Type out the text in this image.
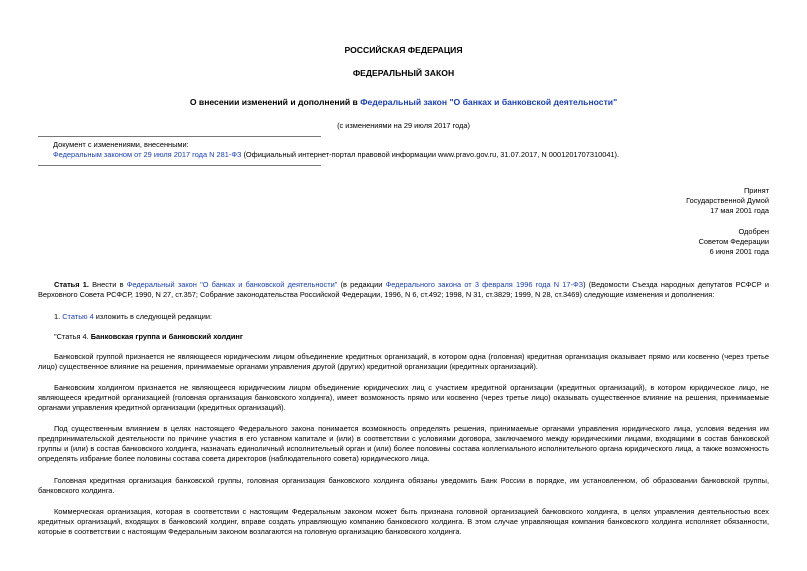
РОССИЙСКАЯ ФЕДЕРАЦИЯ
ФЕДЕРАЛЬНЫЙ ЗАКОН
О внесении изменений и дополнений в Федеральный закон "О банках и банковской деятельности"
(с изменениями на 29 июля 2017 года)
Документ с изменениями, внесенными:
Федеральным законом от 29 июля 2017 года N 281-ФЗ (Официальный интернет-портал правовой информации www.pravo.gov.ru, 31.07.2017, N 0001201707310041).
Принят
Государственной Думой
17 мая 2001 года
Одобрен
Советом Федерации
6 июня 2001 года
Статья 1. Внести в Федеральный закон "О банках и банковской деятельности" (в редакции Федерального закона от 3 февраля 1996 года N 17-ФЗ) (Ведомости Съезда народных депутатов РСФСР и Верховного Совета РСФСР, 1990, N 27, ст.357; Собрание законодательства Российской Федерации, 1996, N 6, ст.492; 1998, N 31, ст.3829; 1999, N 28, ст.3469) следующие изменения и дополнения:
1. Статью 4 изложить в следующей редакции:
"Статья 4. Банковская группа и банковский холдинг
Банковской группой признается не являющееся юридическим лицом объединение кредитных организаций, в котором одна (головная) кредитная организация оказывает прямо или косвенно (через третье лицо) существенное влияние на решения, принимаемые органами управления другой (других) кредитной организации (кредитных организаций).
Банковским холдингом признается не являющееся юридическим лицом объединение юридических лиц с участием кредитной организации (кредитных организаций), в котором юридическое лицо, не являющееся кредитной организацией (головная организация банковского холдинга), имеет возможность прямо или косвенно (через третье лицо) оказывать существенное влияние на решения, принимаемые органами управления кредитной организации (кредитных организаций).
Под существенным влиянием в целях настоящего Федерального закона понимается возможность определять решения, принимаемые органами управления юридического лица, условия ведения им предпринимательской деятельности по причине участия в его уставном капитале и (или) в соответствии с условиями договора, заключаемого между юридическими лицами, входящими в состав банковской группы и (или) в состав банковского холдинга, назначать единоличный исполнительный орган и (или) более половины состава коллегиального исполнительного органа юридического лица, а также возможность определять избрание более половины состава совета директоров (наблюдательного совета) юридического лица.
Головная кредитная организация банковской группы, головная организация банковского холдинга обязаны уведомить Банк России в порядке, им установленном, об образовании банковской группы, банковского холдинга.
Коммерческая организация, которая в соответствии с настоящим Федеральным законом может быть признана головной организацией банковского холдинга, в целях управления деятельностью всех кредитных организаций, входящих в банковский холдинг, вправе создать управляющую компанию банковского холдинга. В этом случае управляющая компания банковского холдинга исполняет обязанности, которые в соответствии с настоящим Федеральным законом возлагаются на головную организацию банковского холдинга.
